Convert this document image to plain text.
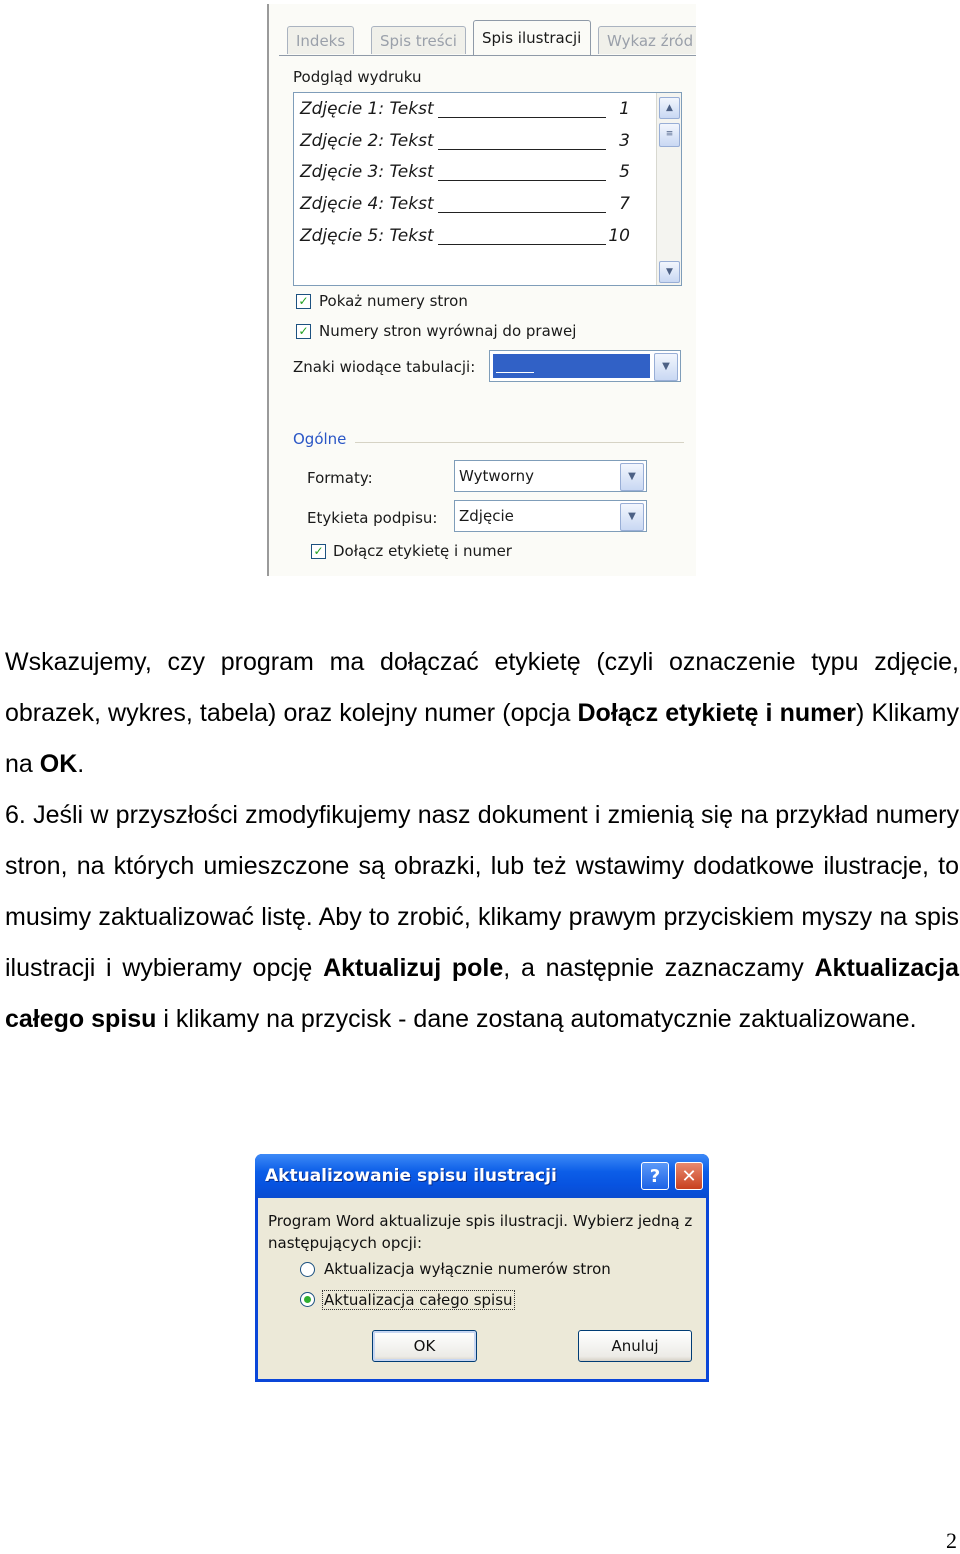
Indeks	Spis treści	Spis ilustracji	Wykaz źród
Podgląd wydruku
Zdjęcie 1: Tekst	1
Zdjęcie 2: Tekst	3
Zdjęcie 3: Tekst	5
Zdjęcie 4: Tekst	7
Zdjęcie 5: Tekst	10
▲
≡
▼
✓ Pokaż numery stron
✓ Numery stron wyrównaj do prawej
Znaki wiodące tabulacji:	▼
Ogólne
Formaty:	Wytworny	▼
Etykieta podpisu: Zdjęcie	▼
✓ Dołącz etykietę i numer

Wskazujemy, czy program ma dołączać etykietę (czyli oznaczenie typu zdjęcie, obrazek, wykres, tabela) oraz kolejny numer (opcja Dołącz etykietę i numer) Klikamy na OK.

6. Jeśli w przyszłości zmodyfikujemy nasz dokument i zmienią się na przykład numery stron, na których umieszczone są obrazki, lub też wstawimy dodatkowe ilustracje, to musimy zaktualizować listę. Aby to zrobić, klikamy prawym przyciskiem myszy na spis ilustracji i wybieramy opcję Aktualizuj pole, a następnie zaznaczamy Aktualizacja całego spisu i klikamy na przycisk - dane zostaną automatycznie zaktualizowane.

Aktualizowanie spisu ilustracji	?	✕
Program Word aktualizuje spis ilustracji. Wybierz jedną z następujących opcji:
Aktualizacja wyłącznie numerów stron
Aktualizacja całego spisu
OK	Anuluj
2
